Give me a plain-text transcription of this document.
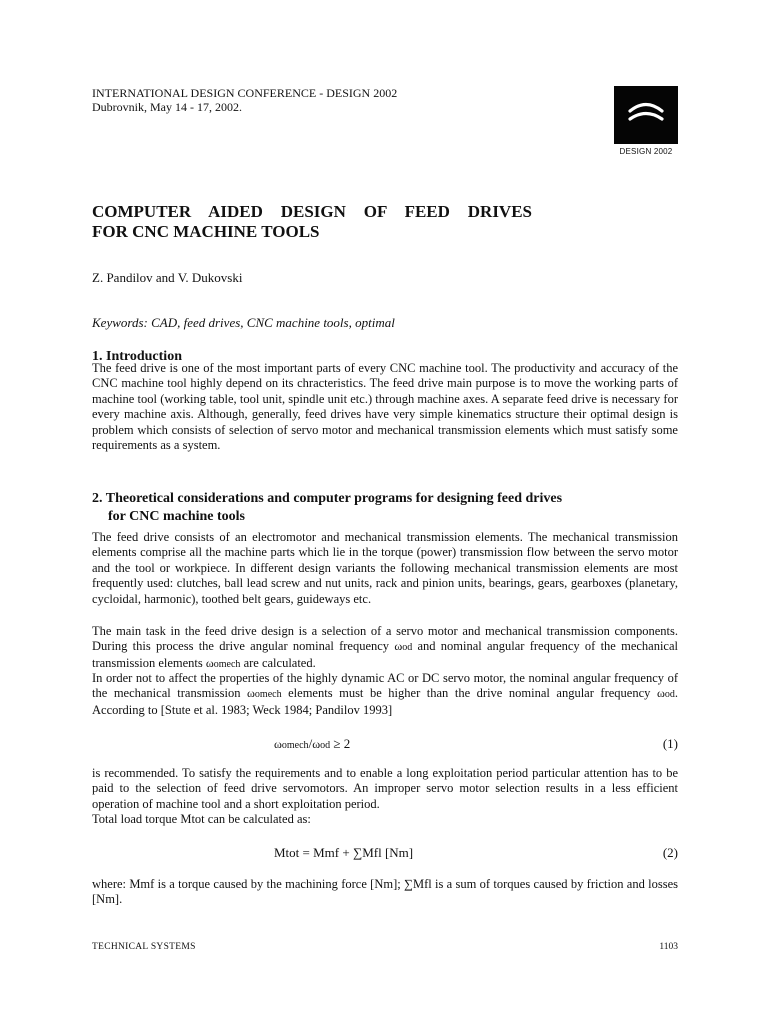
INTERNATIONAL DESIGN CONFERENCE - DESIGN 2002
Dubrovnik, May 14 - 17, 2002.
DESIGN 2002
COMPUTER AIDED DESIGN OF FEED DRIVES
FOR CNC MACHINE TOOLS
Z. Pandilov and V. Dukovski
Keywords: CAD, feed drives, CNC machine tools, optimal
1. Introduction

The feed drive is one of the most important parts of every CNC machine tool. The productivity and accuracy of the CNC machine tool highly depend on its chracteristics. The feed drive main purpose is to move the working parts of machine tool (working table, tool unit, spindle unit etc.) through machine axes. A separate feed drive is necessary for every machine axis. Although, generally, feed drives have very simple kinematics structure their optimal design is problem which consists of selection of servo motor and mechanical transmission elements which must satisfy some requirements as a system.

2. Theoretical considerations and computer programs for designing feed drives
for CNC machine tools

The feed drive consists of an electromotor and mechanical transmission elements. The mechanical transmission elements comprise all the machine parts which lie in the torque (power) transmission flow between the servo motor and the tool or workpiece. In different design variants the following mechanical transmission elements are most frequently used: clutches, ball lead screw and nut units, rack and pinion units, bearings, gears, gearboxes (planetary, cycloidal, harmonic), toothed belt gears, guideways etc.

The main task in the feed drive design is a selection of a servo motor and mechanical transmission components. During this process the drive angular nominal frequency ωod and nominal angular frequency of the mechanical transmission elements ωomech are calculated.

In order not to affect the properties of the highly dynamic AC or DC servo motor, the nominal angular frequency of the mechanical transmission ωomech elements must be higher than the drive nominal angular frequency ωod. According to [Stute et al. 1983; Weck 1984; Pandilov 1993]

ωomech/ωod ≥ 2	(1)

is recommended. To satisfy the requirements and to enable a long exploitation period particular attention has to be paid to the selection of feed drive servomotors. An improper servo motor selection results in a less efficient operation of machine tool and a short exploitation period.

Total load torque Mtot can be calculated as:

Mtot = Mmf + ∑Mfl [Nm]	(2)

where: Mmf is a torque caused by the machining force [Nm]; ∑Mfl is a sum of torques caused by friction and losses [Nm].

TECHNICAL SYSTEMS	1103
